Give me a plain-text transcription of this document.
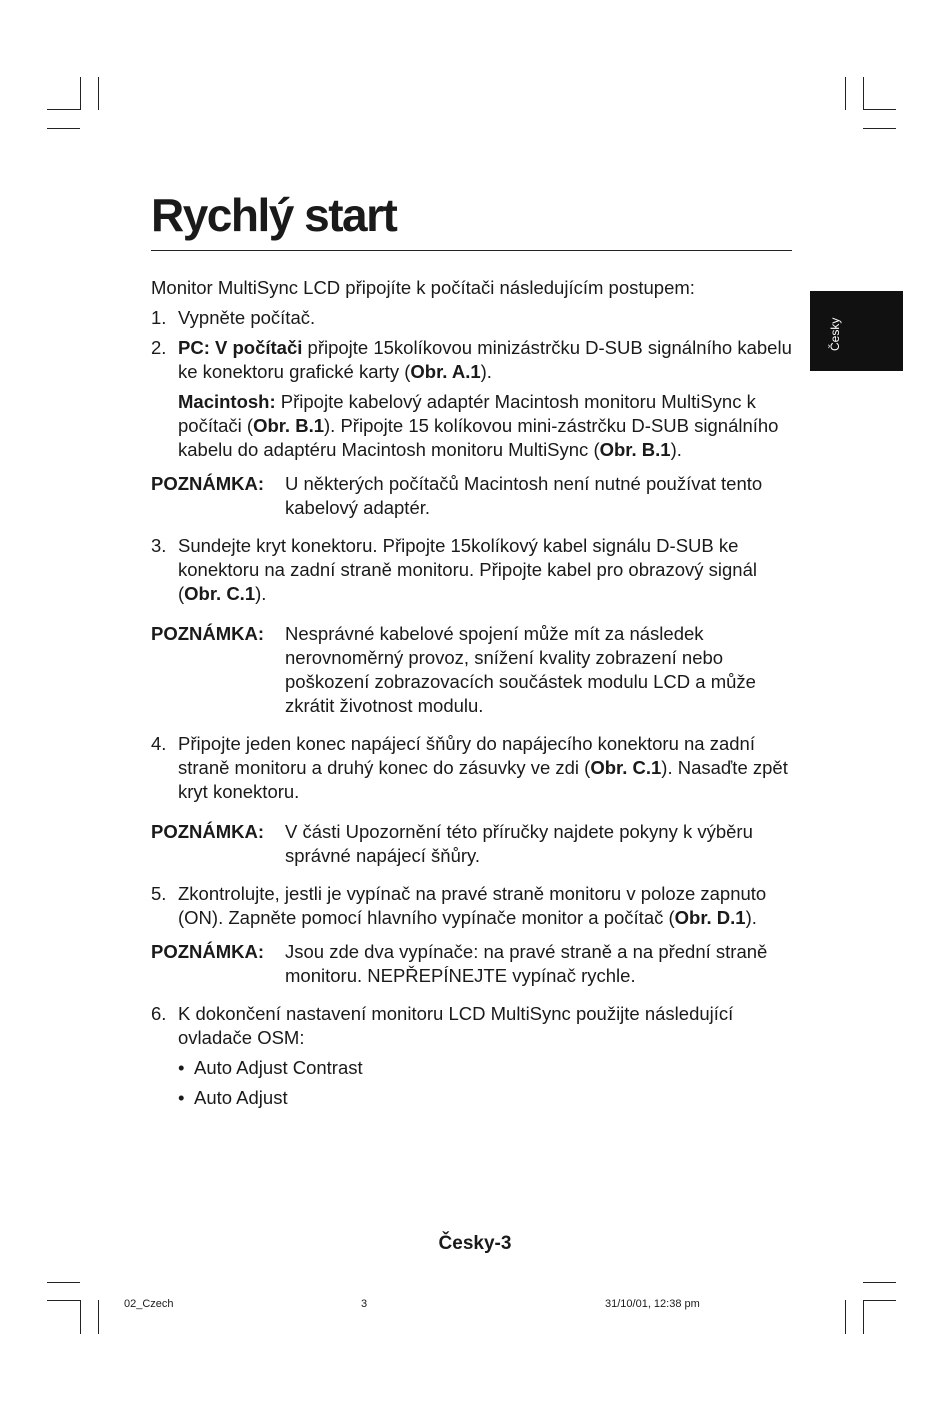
Rychlý start
Česky

Monitor MultiSync LCD připojíte k počítači následujícím postupem:

1. Vypněte počítač.
2. PC: V počítači připojte 15kolíkovou minizástrčku D-SUB signálního kabelu ke konektoru grafické karty (Obr. A.1).
Macintosh: Připojte kabelový adaptér Macintosh monitoru MultiSync k počítači (Obr. B.1). Připojte 15 kolíkovou mini-zástrčku D-SUB signálního kabelu do adaptéru Macintosh monitoru MultiSync (Obr. B.1).
POZNÁMKA:	U některých počítačů Macintosh není nutné používat tento kabelový adaptér.
3. Sundejte kryt konektoru. Připojte 15kolíkový kabel signálu D-SUB ke konektoru na zadní straně monitoru. Připojte kabel pro obrazový signál (Obr. C.1).
POZNÁMKA:	Nesprávné kabelové spojení může mít za následek nerovnoměrný provoz, snížení kvality zobrazení nebo poškození zobrazovacích součástek modulu LCD a může zkrátit životnost modulu.
4. Připojte jeden konec napájecí šňůry do napájecího konektoru na zadní straně monitoru a druhý konec do zásuvky ve zdi (Obr. C.1). Nasaďte zpět kryt konektoru.
POZNÁMKA:	V části Upozornění této příručky najdete pokyny k výběru správné napájecí šňůry.
5. Zkontrolujte, jestli je vypínač na pravé straně monitoru v poloze zapnuto (ON). Zapněte pomocí hlavního vypínače monitor a počítač (Obr. D.1).
POZNÁMKA:	Jsou zde dva vypínače: na pravé straně a na přední straně monitoru. NEPŘEPÍNEJTE vypínač rychle.
6. K dokončení nastavení monitoru LCD MultiSync použijte následující ovladače OSM:
• Auto Adjust Contrast
• Auto Adjust
Česky-3
02_Czech	3	31/10/01, 12:38 pm
